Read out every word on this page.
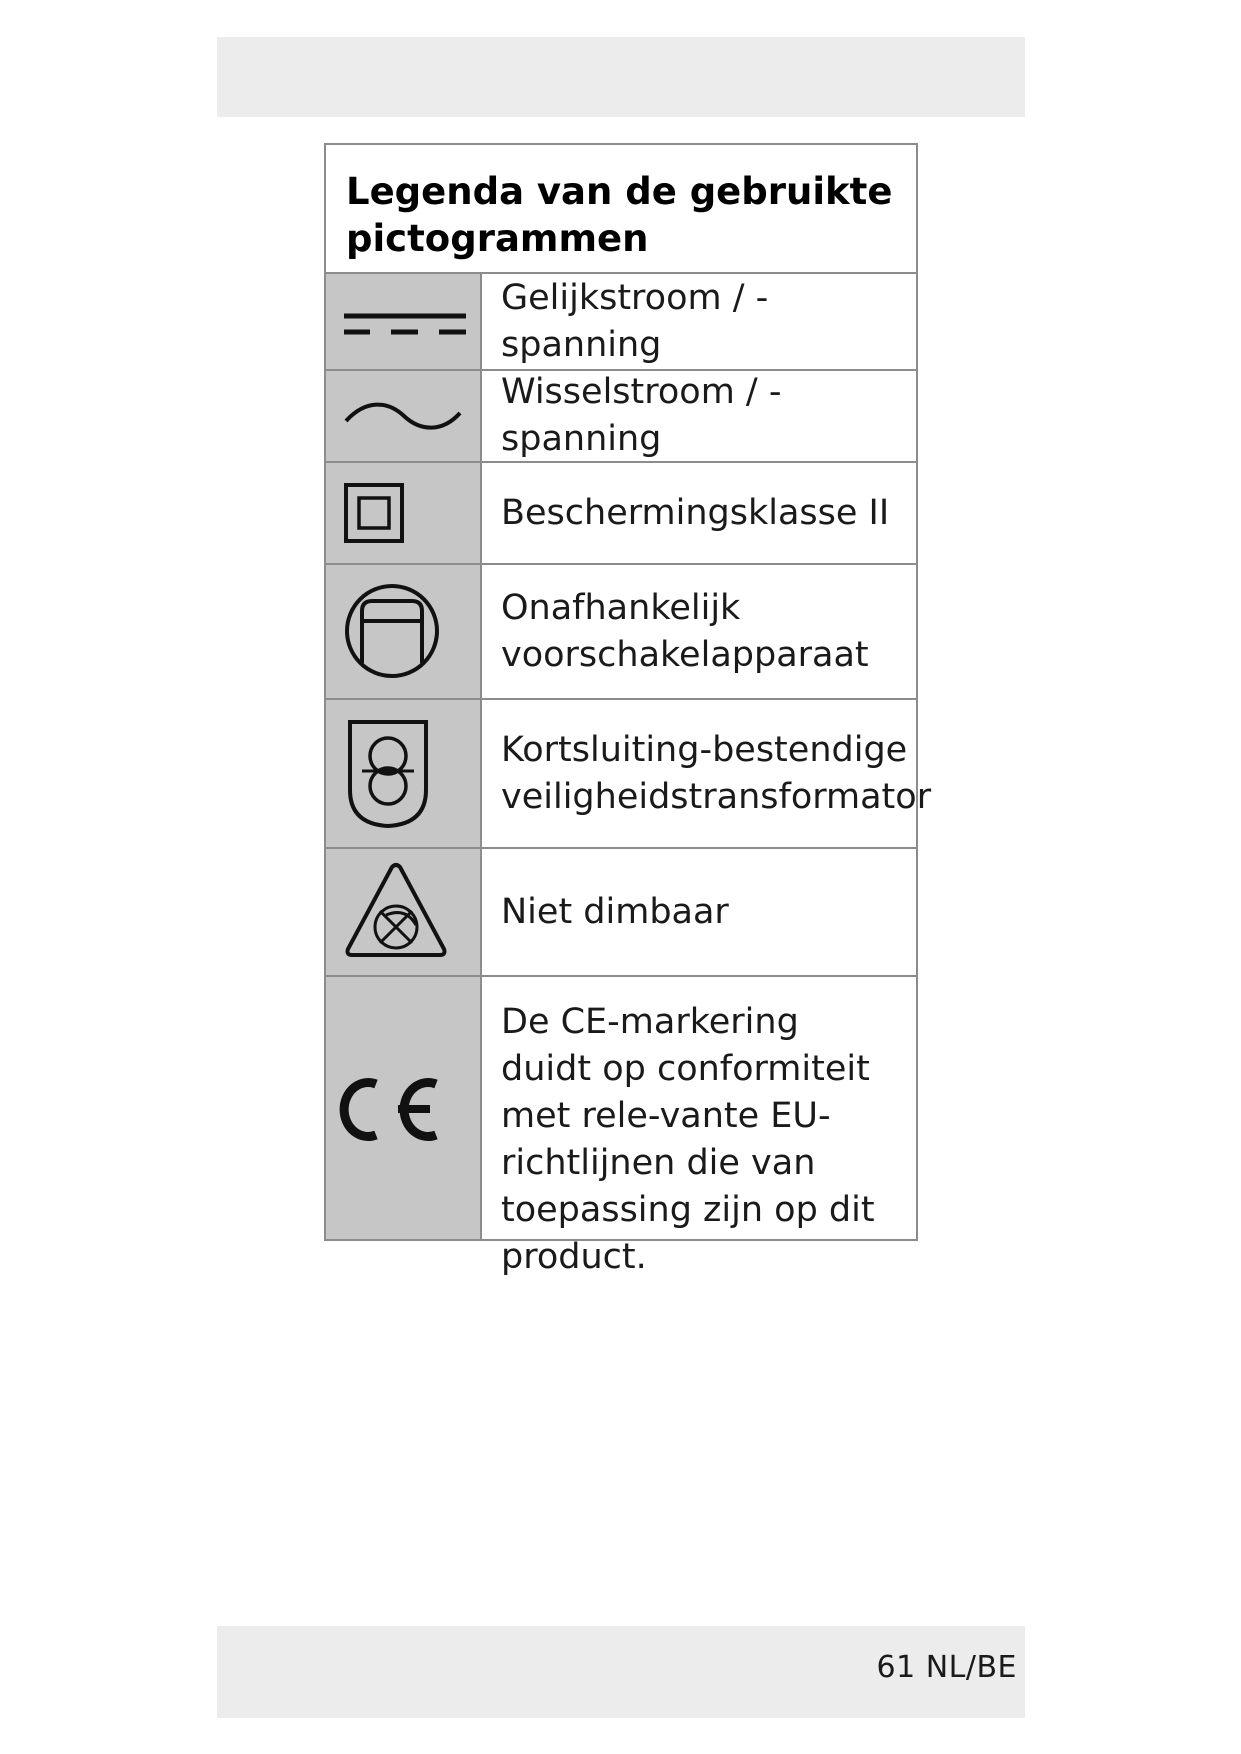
Legenda van de gebruikte pictogrammen
Gelijkstroom / -spanning
Wisselstroom / -spanning
Beschermingsklasse II
Onafhankelijk voorschakelapparaat
Kortsluiting-bestendige veiligheidstransformator
Niet dimbaar
De CE-markering duidt op conformiteit met rele-vante EU-richtlijnen die van toepassing zijn op dit product.
61 NL/BE
